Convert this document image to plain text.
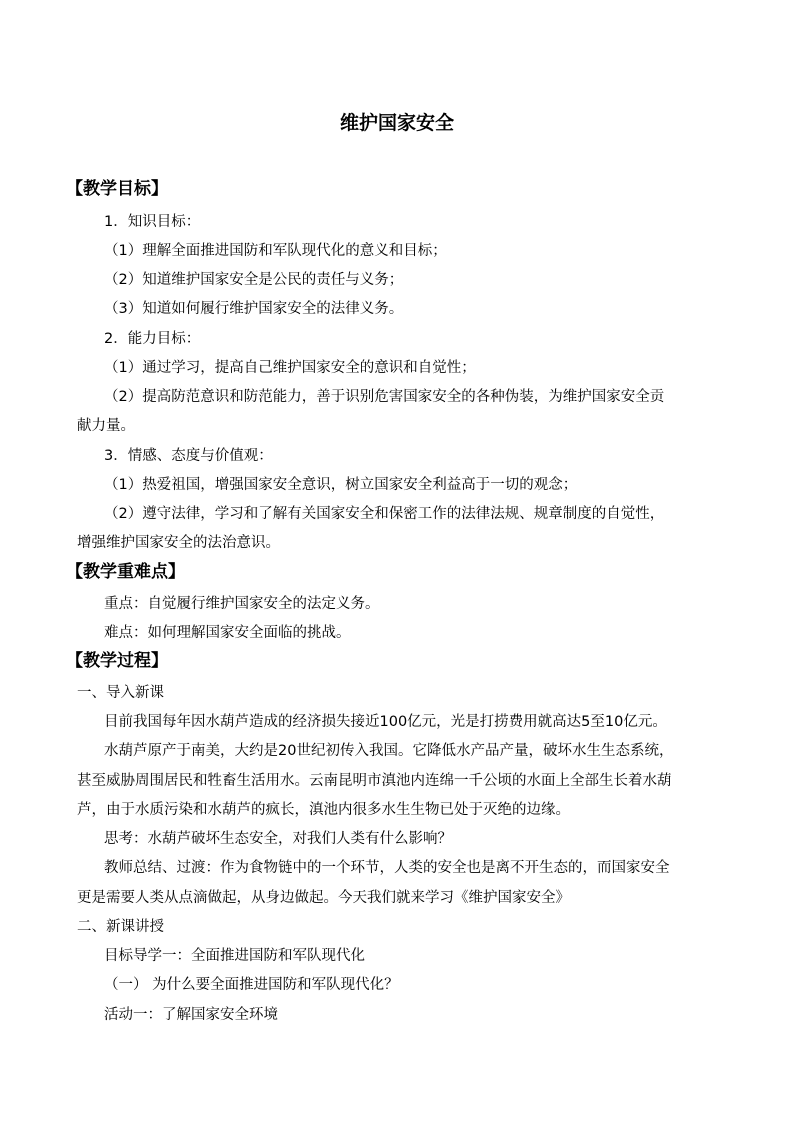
维护国家安全
【教学目标】
1．知识目标：
（1）理解全面推进国防和军队现代化的意义和目标；
（2）知道维护国家安全是公民的责任与义务；
（3）知道如何履行维护国家安全的法律义务。
2．能力目标：
（1）通过学习，提高自己维护国家安全的意识和自觉性；
（2）提高防范意识和防范能力，善于识别危害国家安全的各种伪装，为维护国家安全贡
献力量。
3．情感、态度与价值观：
（1）热爱祖国，增强国家安全意识，树立国家安全利益高于一切的观念；
（2）遵守法律，学习和了解有关国家安全和保密工作的法律法规、规章制度的自觉性，
增强维护国家安全的法治意识。
【教学重难点】
重点：自觉履行维护国家安全的法定义务。
难点：如何理解国家安全面临的挑战。
【教学过程】
一、导入新课
目前我国每年因水葫芦造成的经济损失接近100亿元，光是打捞费用就高达5至10亿元。
水葫芦原产于南美，大约是20世纪初传入我国。它降低水产品产量，破坏水生生态系统，
甚至威胁周围居民和牲畜生活用水。云南昆明市滇池内连绵一千公顷的水面上全部生长着水葫
芦，由于水质污染和水葫芦的疯长，滇池内很多水生生物已处于灭绝的边缘。
思考：水葫芦破坏生态安全，对我们人类有什么影响？
教师总结、过渡：作为食物链中的一个环节，人类的安全也是离不开生态的，而国家安全
更是需要人类从点滴做起，从身边做起。今天我们就来学习《维护国家安全》
二、新课讲授
目标导学一：全面推进国防和军队现代化
（一） 为什么要全面推进国防和军队现代化？
活动一：了解国家安全环境
